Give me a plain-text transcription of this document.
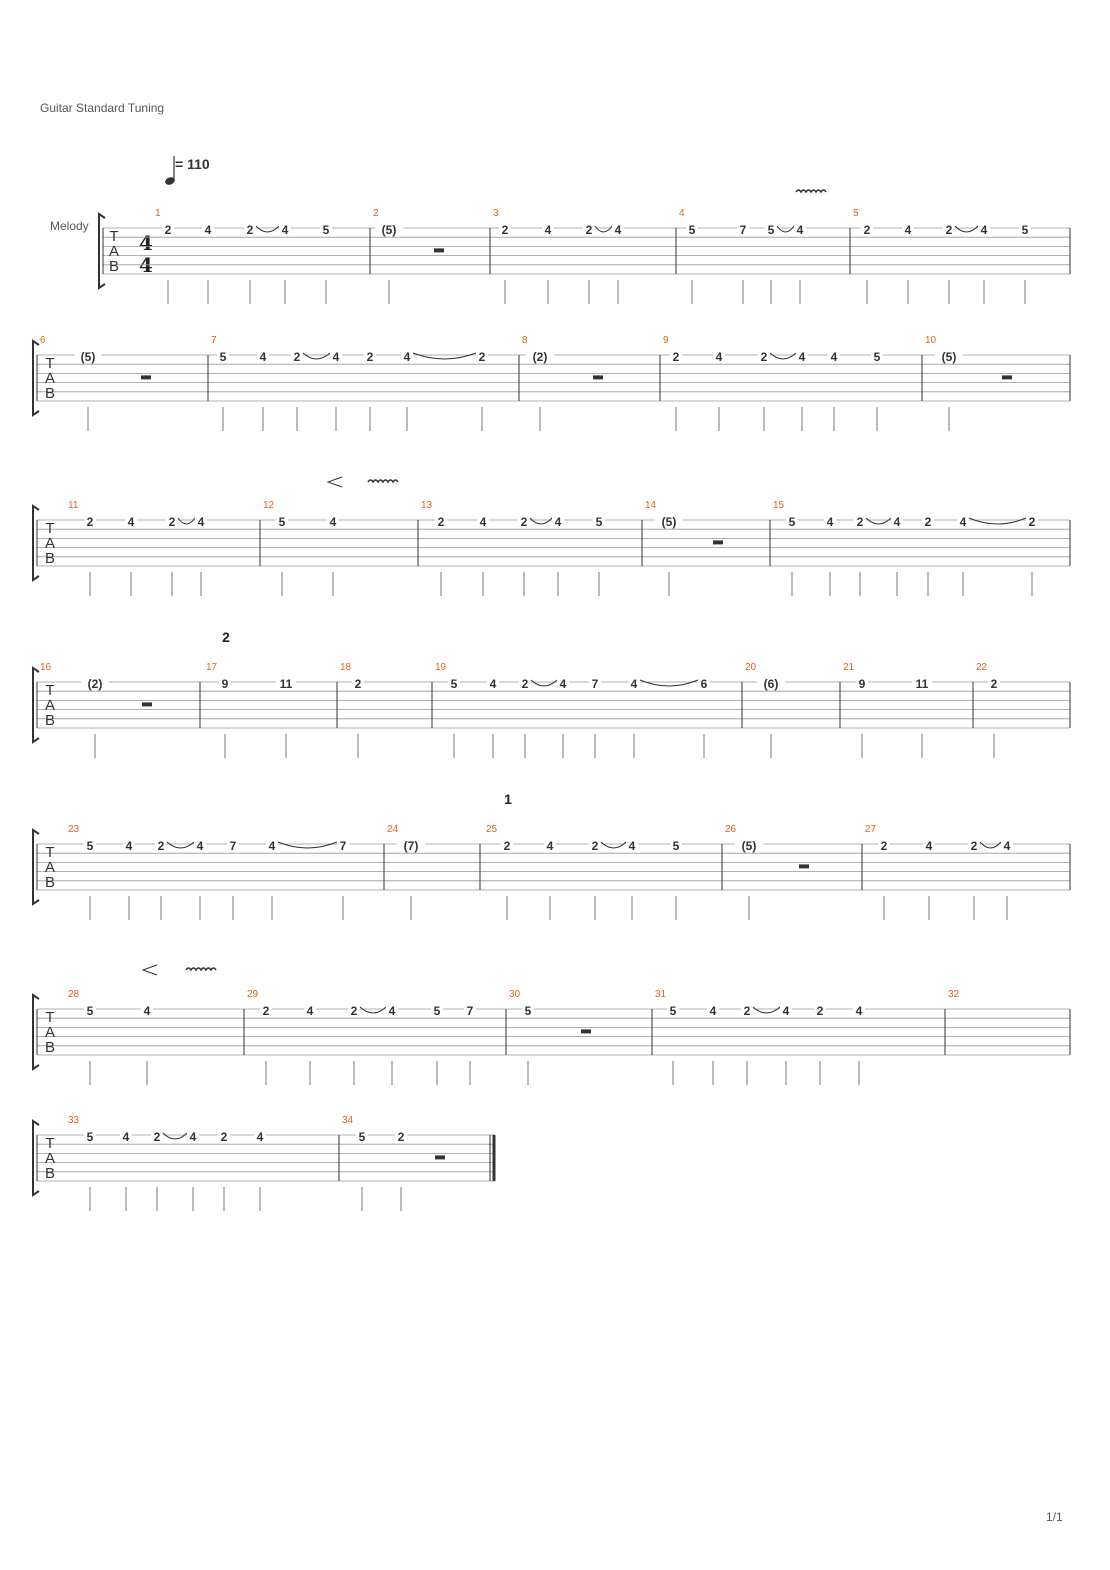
Guitar Standard Tuning
= 110
Melody
4
4
T
A
B
1
2	4	2 4	5
2
(5)
3
2	4	2 4
4
5	7 5 4
5
2	4	2 4	5
T
A
B
6
(5)
7
5	4 2	4 2	4	2
8
(2)
9
2	4	2	4 4	5
10
(5)
T
A
B
11
2	4	2 4
12
5	4
13
2	4	2 4	5
14
(5)
15
5	4 2	4 2 4	2
T
A
B
16
(2)
17
2
9	11
18
2
19
5	4 2	4 7	4	6
20
(6)
21
9	11
22
2
T
A
B
23
5	4 2	4 7	4	7
24
(7)
25
1
2	4	2	4	5
26
(5)
27
2	4	2 4
T
A
B
28
5	4
29
2	4	2	4	5 7
30
5
31
5	4 2	4 2	4
32
T
A
B
33
5 4 2 4 2 4
34
5	2
1/1
